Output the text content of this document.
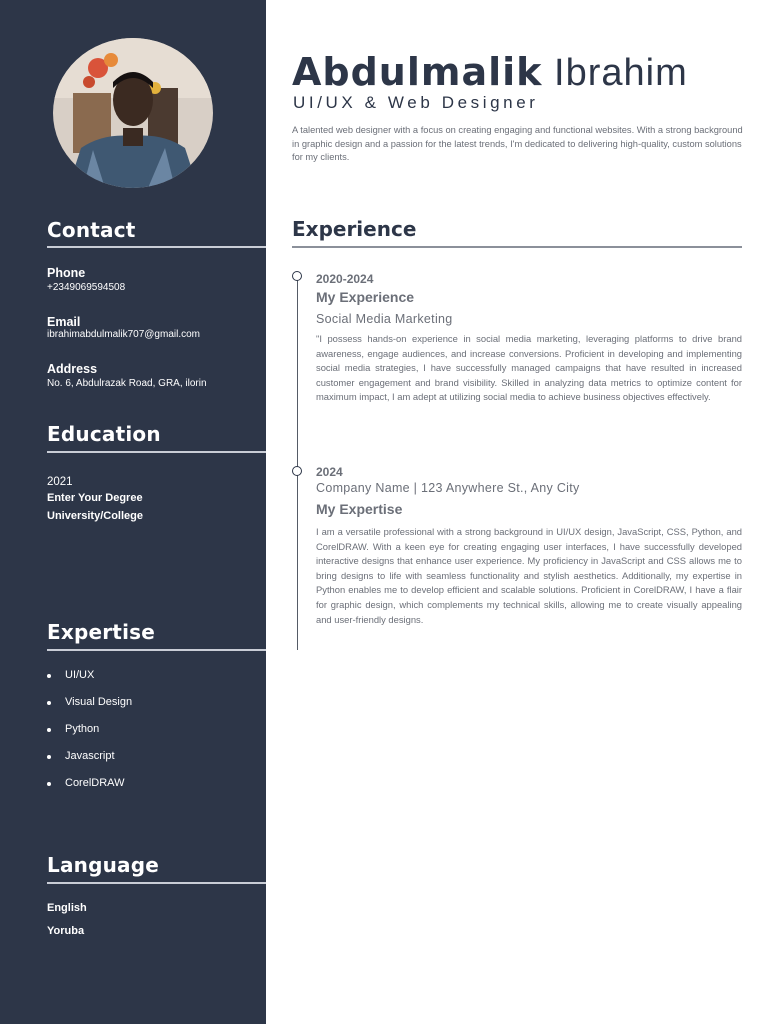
Contact
Phone
+2349069594508
Email
ibrahimabdulmalik707@gmail.com
Address
No. 6, Abdulrazak Road, GRA, ilorin
Education
2021
Enter Your Degree
University/College
Expertise
UI/UX
Visual Design
Python
Javascript
CorelDRAW
Language
English
Yoruba
Abdulmalik Ibrahim
UI/UX & Web Designer

A talented web designer with a focus on creating engaging and functional websites. With a strong background in graphic design and a passion for the latest trends, I'm dedicated to delivering high-quality, custom solutions for my clients.

Experience
2020-2024
My Experience
Social Media Marketing

"I possess hands-on experience in social media marketing, leveraging platforms to drive brand awareness, engage audiences, and increase conversions. Proficient in developing and implementing social media strategies, I have successfully managed campaigns that have resulted in increased customer engagement and brand visibility. Skilled in analyzing data metrics to optimize content for maximum impact, I am adept at utilizing social media to achieve business objectives effectively.

2024
Company Name | 123 Anywhere St., Any City
My Expertise

I am a versatile professional with a strong background in UI/UX design, JavaScript, CSS, Python, and CorelDRAW. With a keen eye for creating engaging user interfaces, I have successfully developed interactive designs that enhance user experience. My proficiency in JavaScript and CSS allows me to bring designs to life with seamless functionality and stylish aesthetics. Additionally, my expertise in Python enables me to develop efficient and scalable solutions. Proficient in CorelDRAW, I have a flair for graphic design, which complements my technical skills, allowing me to create visually appealing and user-friendly designs.
